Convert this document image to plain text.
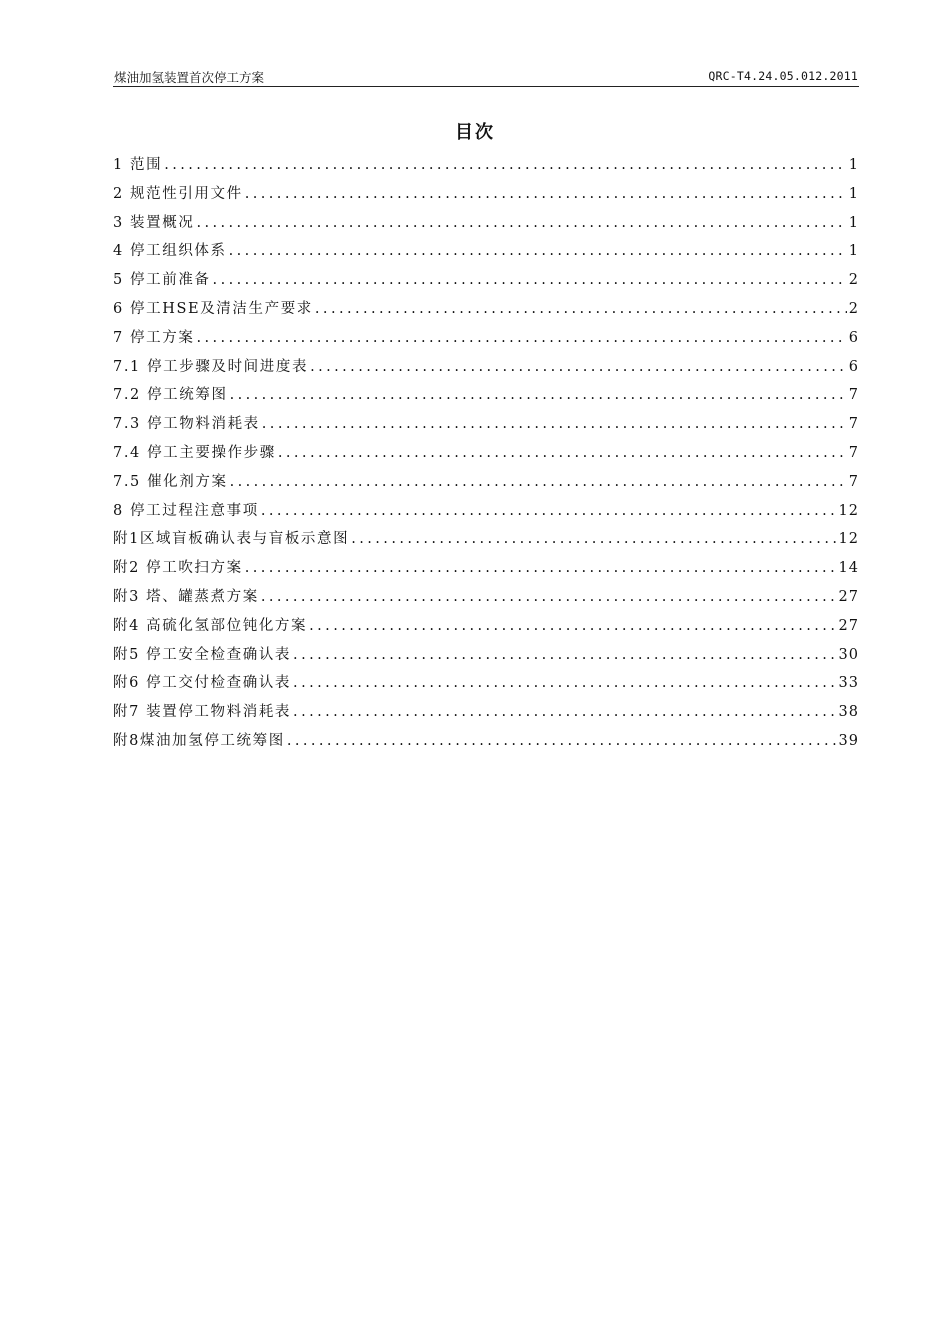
煤油加氢装置首次停工方案	QRC-T4.24.05.012.2011
目次
1 范围 . . .	1
2 规范性引用文件 . . .	1
3 装置概况 . . .	1
4 停工组织体系 . . .	1
5 停工前准备 . . .	2
6 停工HSE及清洁生产要求 . . .	2
7 停工方案 . . .	6
7.1 停工步骤及时间进度表 . . .	6
7.2 停工统筹图 . . .	7
7.3 停工物料消耗表 . . .	7
7.4 停工主要操作步骤 . . .	7
7.5 催化剂方案 . . .	7
8 停工过程注意事项 . . .	12
附1区域盲板确认表与盲板示意图 . . .	12
附2 停工吹扫方案 . . .	14
附3 塔、罐蒸煮方案 . . .	27
附4 高硫化氢部位钝化方案 . . .	27
附5 停工安全检查确认表 . . .	30
附6 停工交付检查确认表 . . .	33
附7 装置停工物料消耗表 . . .	38
附8煤油加氢停工统筹图 . . .	39
